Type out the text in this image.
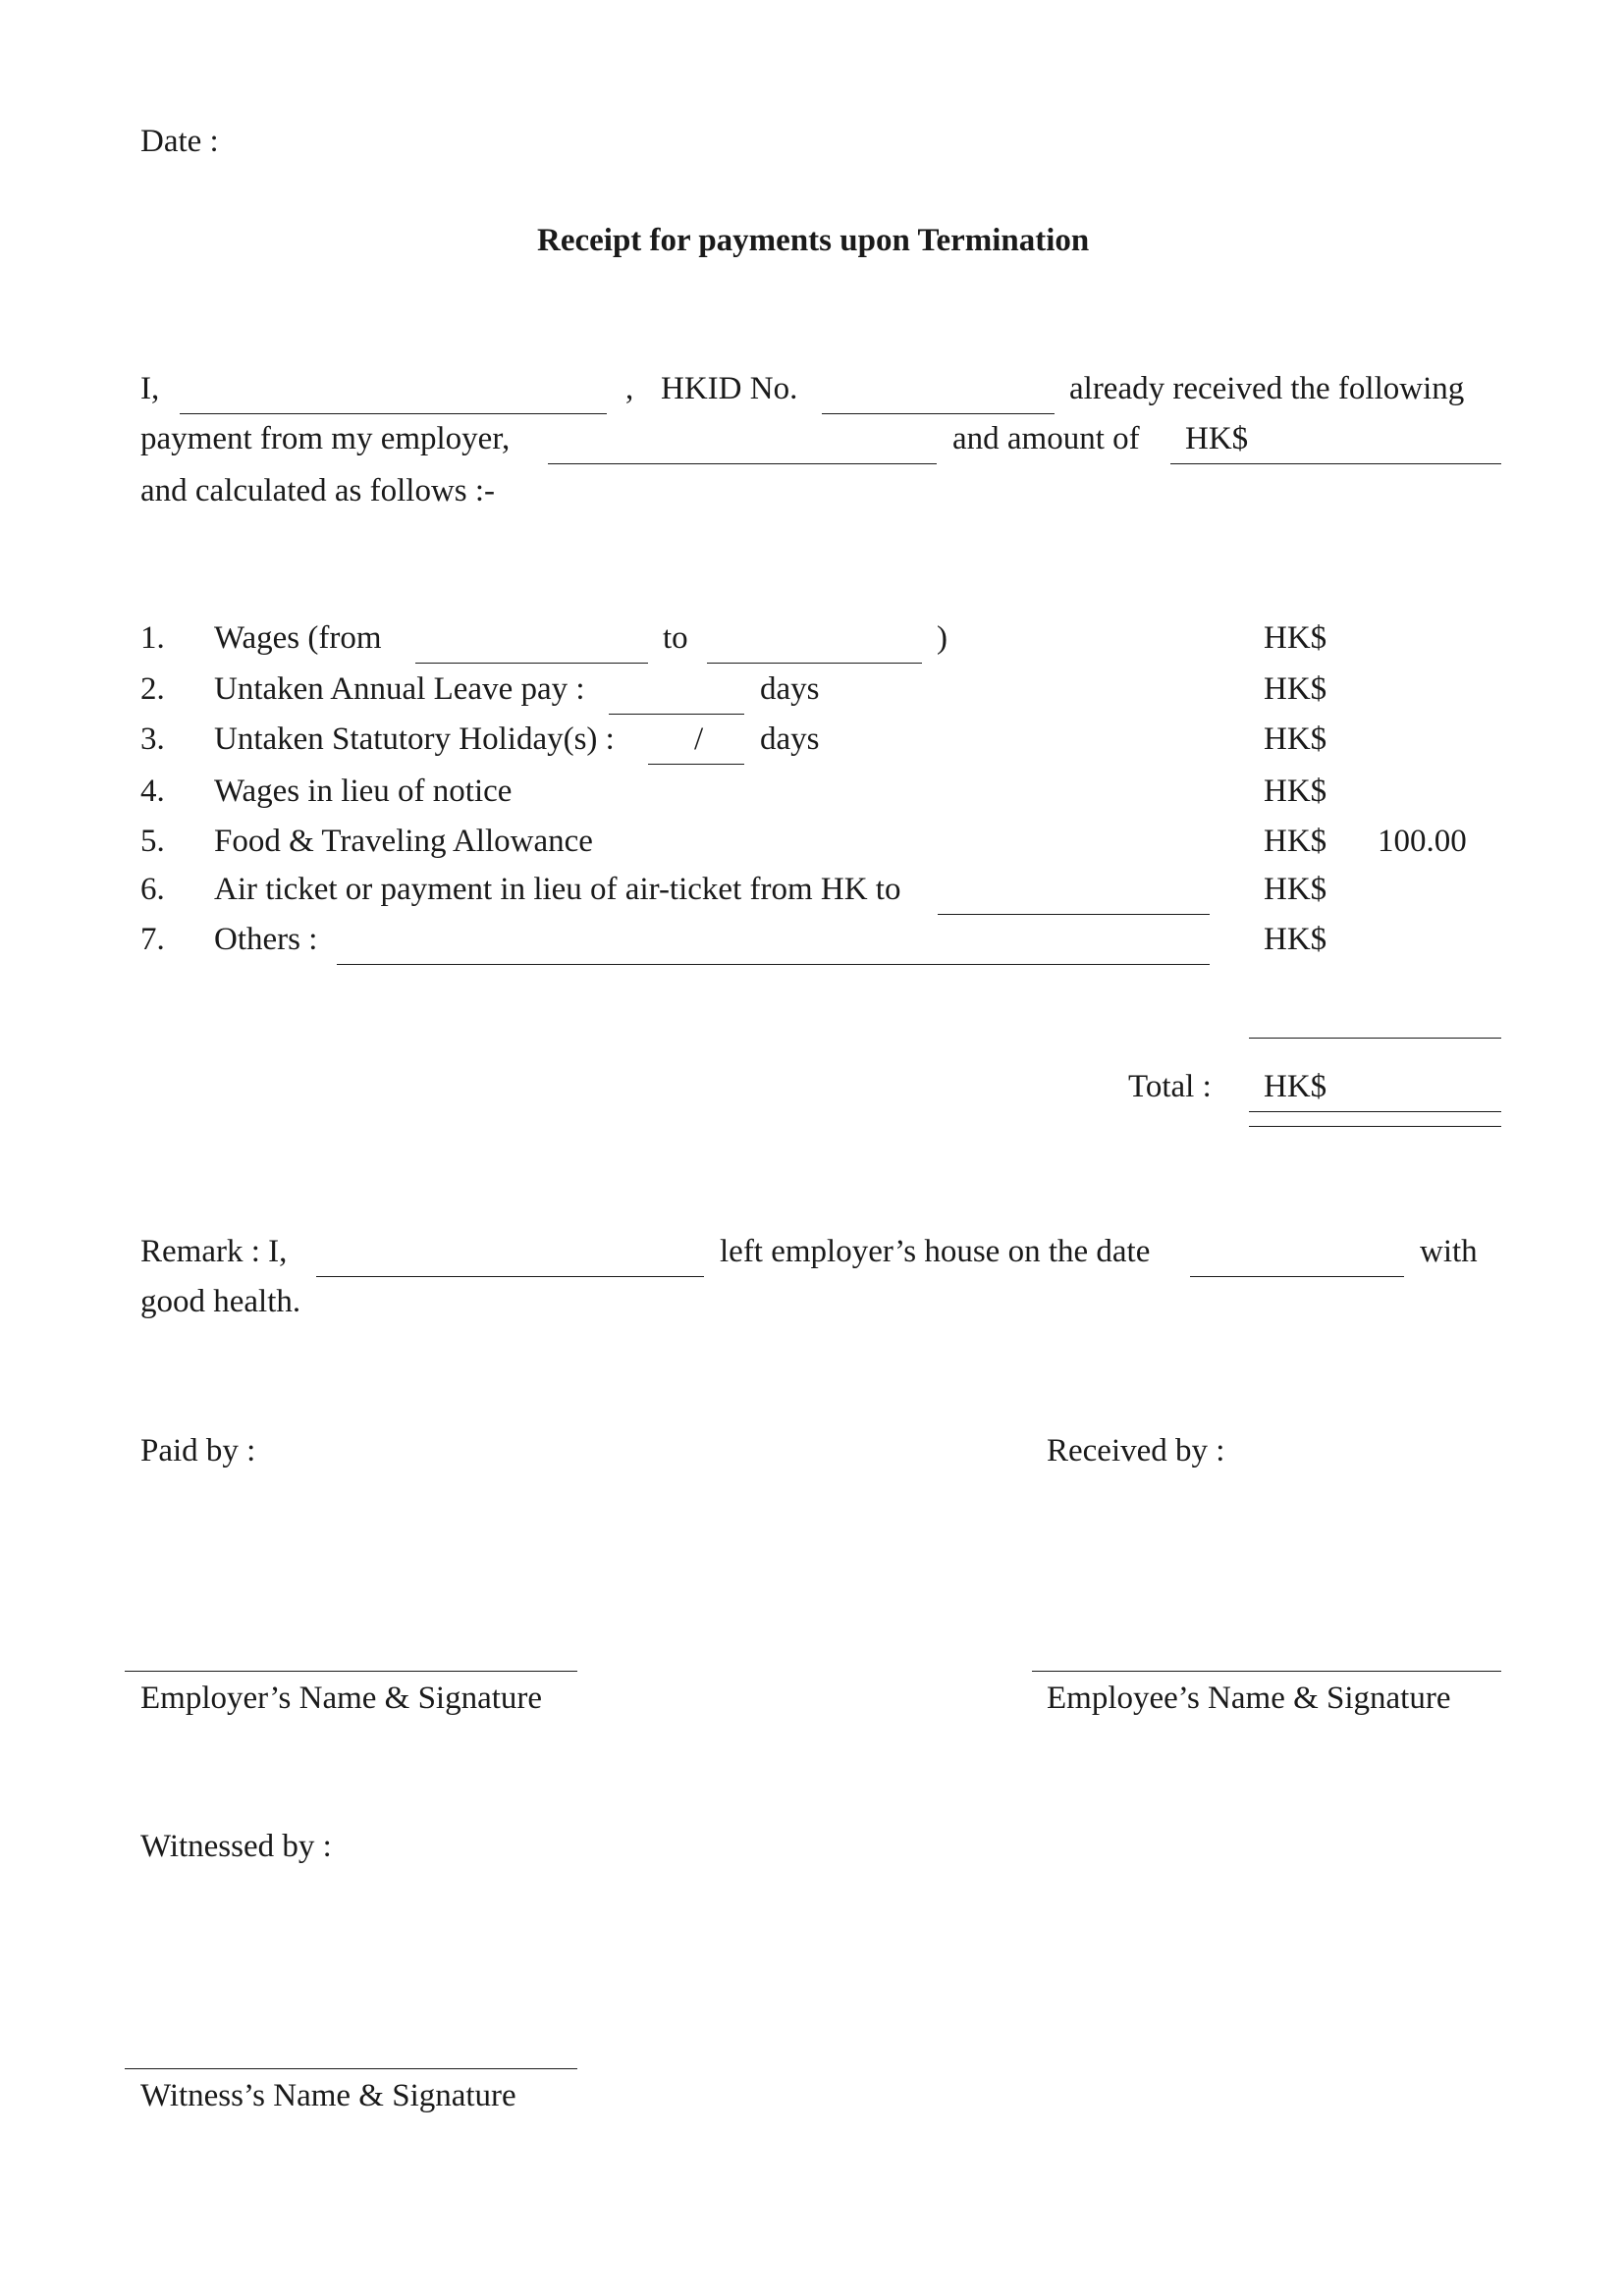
Date :
Receipt for payments upon Termination
I,	, HKID No.	already received the following
payment from my employer,	and amount of HK$
and calculated as follows :-
1. Wages (from	to	)	HK$
2. Untaken Annual Leave pay :	days	HK$
3. Untaken Statutory Holiday(s) : / days	HK$
4. Wages in lieu of notice	HK$
5. Food & Traveling Allowance	HK$ 100.00
6. Air ticket or payment in lieu of air-ticket from HK to	HK$
7. Others :	HK$
Total : HK$
Remark : I,	left employer’s house on the date	with
good health.
Paid by :	Received by :
Employer’s Name & Signature	Employee’s Name & Signature
Witnessed by :
Witness’s Name & Signature
